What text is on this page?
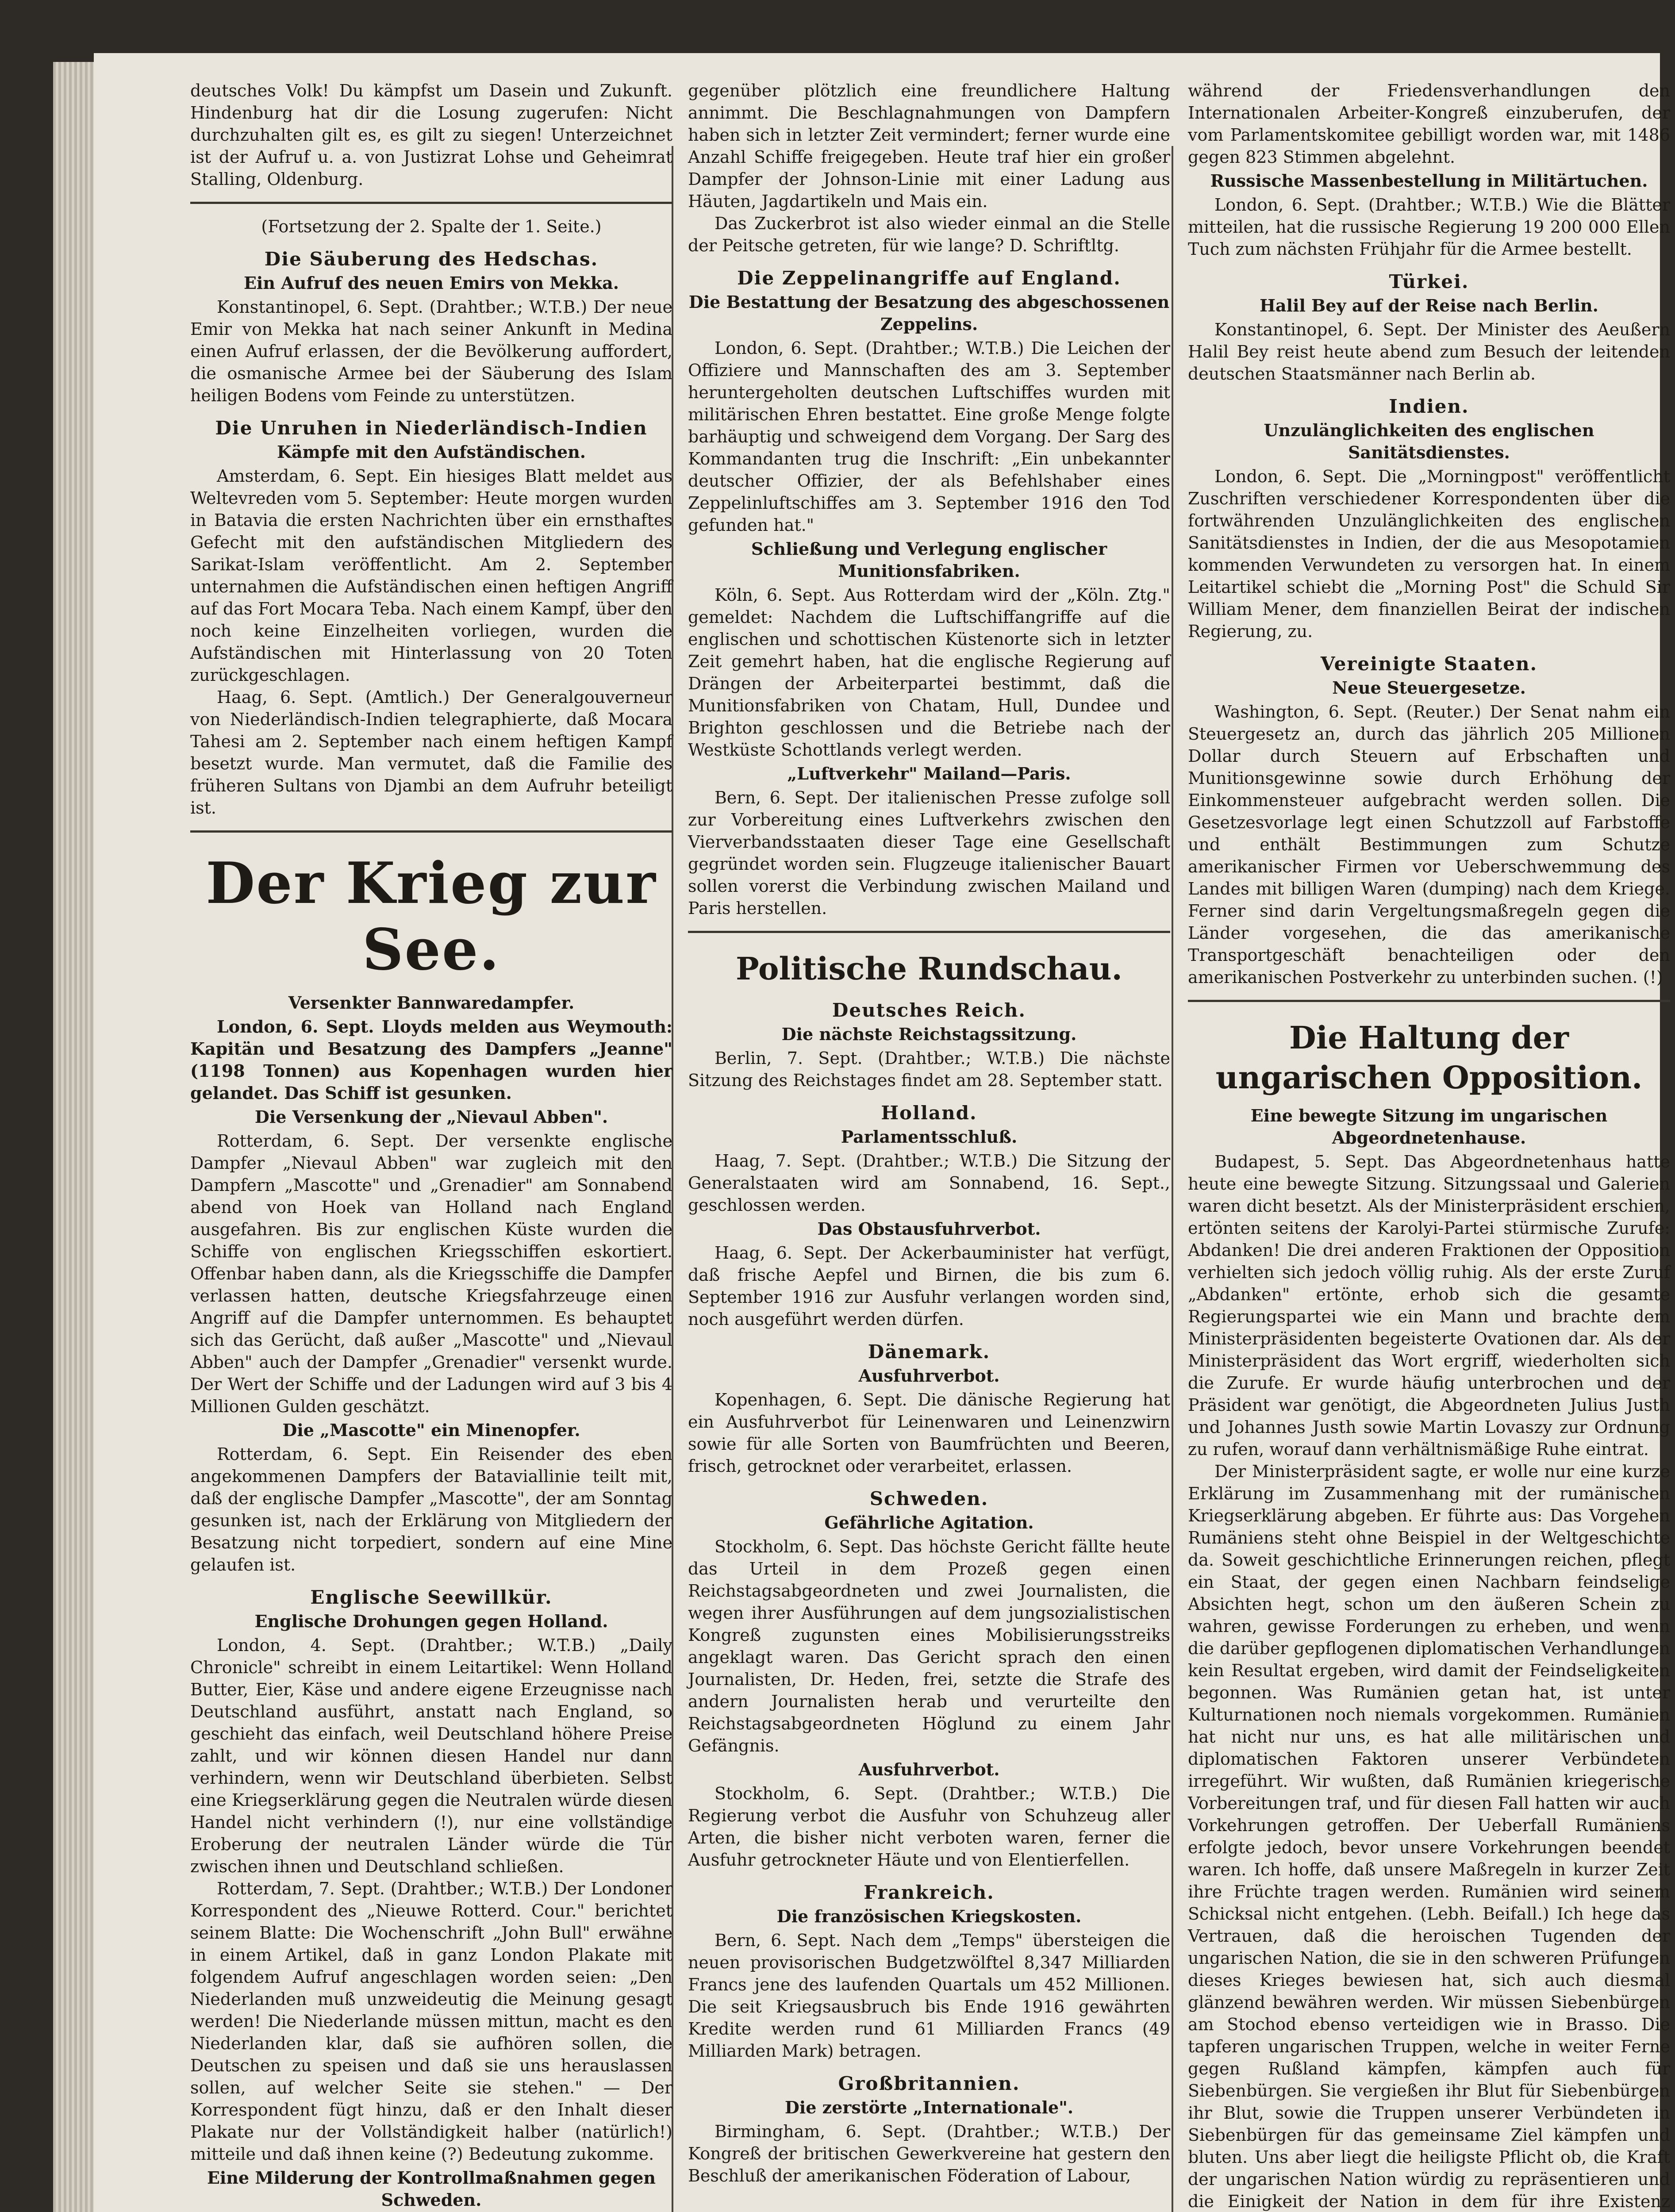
deutsches Volk! Du kämpfst um Dasein und Zukunft. Hindenburg hat dir die Losung zugerufen: Nicht durchzuhalten gilt es, es gilt zu siegen! Unterzeichnet ist der Aufruf u. a. von Justizrat Lohse und Geheimrat Stalling, Oldenburg.

(Fortsetzung der 2. Spalte der 1. Seite.)
Die Säuberung des Hedschas.
Ein Aufruf des neuen Emirs von Mekka.

Konstantinopel, 6. Sept. (Drahtber.; W.T.B.) Der neue Emir von Mekka hat nach seiner Ankunft in Medina einen Aufruf erlassen, der die Bevölkerung auffordert, die osmanische Armee bei der Säuberung des Islam heiligen Bodens vom Feinde zu unterstützen.

Die Unruhen in Niederländisch-Indien
Kämpfe mit den Aufständischen.

Amsterdam, 6. Sept. Ein hiesiges Blatt meldet aus Weltevreden vom 5. September: Heute morgen wurden in Batavia die ersten Nachrichten über ein ernsthaftes Gefecht mit den aufständischen Mitgliedern des Sarikat-Islam veröffentlicht. Am 2. September unternahmen die Aufständischen einen heftigen Angriff auf das Fort Mocara Teba. Nach einem Kampf, über den noch keine Einzelheiten vorliegen, wurden die Aufständischen mit Hinterlassung von 20 Toten zurückgeschlagen.

Haag, 6. Sept. (Amtlich.) Der Generalgouverneur von Niederländisch-Indien telegraphierte, daß Mocara Tahesi am 2. September nach einem heftigen Kampf besetzt wurde. Man vermutet, daß die Familie des früheren Sultans von Djambi an dem Aufruhr beteiligt ist.

Der Krieg zur See.
Versenkter Bannwaredampfer.

London, 6. Sept. Lloyds melden aus Weymouth: Kapitän und Besatzung des Dampfers „Jeanne" (1198 Tonnen) aus Kopenhagen wurden hier gelandet. Das Schiff ist gesunken.

Die Versenkung der „Nievaul Abben".

Rotterdam, 6. Sept. Der versenkte englische Dampfer „Nievaul Abben" war zugleich mit den Dampfern „Mascotte" und „Grenadier" am Sonnabend abend von Hoek van Holland nach England ausgefahren. Bis zur englischen Küste wurden die Schiffe von englischen Kriegsschiffen eskortiert. Offenbar haben dann, als die Kriegsschiffe die Dampfer verlassen hatten, deutsche Kriegsfahrzeuge einen Angriff auf die Dampfer unternommen. Es behauptet sich das Gerücht, daß außer „Mascotte" und „Nievaul Abben" auch der Dampfer „Grenadier" versenkt wurde. Der Wert der Schiffe und der Ladungen wird auf 3 bis 4 Millionen Gulden geschätzt.

Die „Mascotte" ein Minenopfer.

Rotterdam, 6. Sept. Ein Reisender des eben angekommenen Dampfers der Bataviallinie teilt mit, daß der englische Dampfer „Mascotte", der am Sonntag gesunken ist, nach der Erklärung von Mitgliedern der Besatzung nicht torpediert, sondern auf eine Mine gelaufen ist.

Englische Seewillkür.
Englische Drohungen gegen Holland.

London, 4. Sept. (Drahtber.; W.T.B.) „Daily Chronicle" schreibt in einem Leitartikel: Wenn Holland Butter, Eier, Käse und andere eigene Erzeugnisse nach Deutschland ausführt, anstatt nach England, so geschieht das einfach, weil Deutschland höhere Preise zahlt, und wir können diesen Handel nur dann verhindern, wenn wir Deutschland überbieten. Selbst eine Kriegserklärung gegen die Neutralen würde diesen Handel nicht verhindern (!), nur eine vollständige Eroberung der neutralen Länder würde die Tür zwischen ihnen und Deutschland schließen.

Rotterdam, 7. Sept. (Drahtber.; W.T.B.) Der Londoner Korrespondent des „Nieuwe Rotterd. Cour." berichtet seinem Blatte: Die Wochenschrift „John Bull" erwähne in einem Artikel, daß in ganz London Plakate mit folgendem Aufruf angeschlagen worden seien: „Den Niederlanden muß unzweideutig die Meinung gesagt werden! Die Niederlande müssen mittun, macht es den Niederlanden klar, daß sie aufhören sollen, die Deutschen zu speisen und daß sie uns herauslassen sollen, auf welcher Seite sie stehen." — Der Korrespondent fügt hinzu, daß er den Inhalt dieser Plakate nur der Vollständigkeit halber (natürlich!) mitteile und daß ihnen keine (?) Bedeutung zukomme.

Eine Milderung der Kontrollmaßnahmen gegen Schweden.

gegenüber plötzlich eine freundlichere Haltung annimmt. Die Beschlagnahmungen von Dampfern haben sich in letzter Zeit vermindert; ferner wurde eine Anzahl Schiffe freigegeben. Heute traf hier ein großer Dampfer der Johnson-Linie mit einer Ladung aus Häuten, Jagdartikeln und Mais ein.

Das Zuckerbrot ist also wieder einmal an die Stelle der Peitsche getreten, für wie lange? D. Schriftltg.

Die Zeppelinangriffe auf England.
Die Bestattung der Besatzung des abgeschossenen Zeppelins.

London, 6. Sept. (Drahtber.; W.T.B.) Die Leichen der Offiziere und Mannschaften des am 3. September heruntergeholten deutschen Luftschiffes wurden mit militärischen Ehren bestattet. Eine große Menge folgte barhäuptig und schweigend dem Vorgang. Der Sarg des Kommandanten trug die Inschrift: „Ein unbekannter deutscher Offizier, der als Befehlshaber eines Zeppelinluftschiffes am 3. September 1916 den Tod gefunden hat."

Schließung und Verlegung englischer Munitionsfabriken.

Köln, 6. Sept. Aus Rotterdam wird der „Köln. Ztg." gemeldet: Nachdem die Luftschiffangriffe auf die englischen und schottischen Küstenorte sich in letzter Zeit gemehrt haben, hat die englische Regierung auf Drängen der Arbeiterpartei bestimmt, daß die Munitionsfabriken von Chatam, Hull, Dundee und Brighton geschlossen und die Betriebe nach der Westküste Schottlands verlegt werden.

„Luftverkehr" Mailand—Paris.

Bern, 6. Sept. Der italienischen Presse zufolge soll zur Vorbereitung eines Luftverkehrs zwischen den Vierverbandsstaaten dieser Tage eine Gesellschaft gegründet worden sein. Flugzeuge italienischer Bauart sollen vorerst die Verbindung zwischen Mailand und Paris herstellen.

Politische Rundschau.
Deutsches Reich.
Die nächste Reichstagssitzung.

Berlin, 7. Sept. (Drahtber.; W.T.B.) Die nächste Sitzung des Reichstages findet am 28. September statt.

Holland.
Parlamentsschluß.

Haag, 7. Sept. (Drahtber.; W.T.B.) Die Sitzung der Generalstaaten wird am Sonnabend, 16. Sept., geschlossen werden.

Das Obstausfuhrverbot.

Haag, 6. Sept. Der Ackerbauminister hat verfügt, daß frische Aepfel und Birnen, die bis zum 6. September 1916 zur Ausfuhr verlangen worden sind, noch ausgeführt werden dürfen.

Dänemark.
Ausfuhrverbot.

Kopenhagen, 6. Sept. Die dänische Regierung hat ein Ausfuhrverbot für Leinenwaren und Leinenzwirn sowie für alle Sorten von Baumfrüchten und Beeren, frisch, getrocknet oder verarbeitet, erlassen.

Schweden.
Gefährliche Agitation.

Stockholm, 6. Sept. Das höchste Gericht fällte heute das Urteil in dem Prozeß gegen einen Reichstagsabgeordneten und zwei Journalisten, die wegen ihrer Ausführungen auf dem jungsozialistischen Kongreß zugunsten eines Mobilisierungsstreiks angeklagt waren. Das Gericht sprach den einen Journalisten, Dr. Heden, frei, setzte die Strafe des andern Journalisten herab und verurteilte den Reichstagsabgeordneten Höglund zu einem Jahr Gefängnis.

Ausfuhrverbot.

Stockholm, 6. Sept. (Drahtber.; W.T.B.) Die Regierung verbot die Ausfuhr von Schuhzeug aller Arten, die bisher nicht verboten waren, ferner die Ausfuhr getrockneter Häute und von Elentierfellen.

Frankreich.
Die französischen Kriegskosten.

Bern, 6. Sept. Nach dem „Temps" übersteigen die neuen provisorischen Budgetzwölftel 8,347 Milliarden Francs jene des laufenden Quartals um 452 Millionen. Die seit Kriegsausbruch bis Ende 1916 gewährten Kredite werden rund 61 Milliarden Francs (49 Milliarden Mark) betragen.

Großbritannien.
Die zerstörte „Internationale".

Birmingham, 6. Sept. (Drahtber.; W.T.B.) Der Kongreß der britischen Gewerkvereine hat gestern den Beschluß der amerikanischen Föderation of Labour,

während der Friedensverhandlungen den Internationalen Arbeiter-Kongreß einzuberufen, der vom Parlamentskomitee gebilligt worden war, mit 1486 gegen 823 Stimmen abgelehnt.

Russische Massenbestellung in Militärtuchen.

London, 6. Sept. (Drahtber.; W.T.B.) Wie die Blätter mitteilen, hat die russische Regierung 19 200 000 Ellen Tuch zum nächsten Frühjahr für die Armee bestellt.

Türkei.
Halil Bey auf der Reise nach Berlin.

Konstantinopel, 6. Sept. Der Minister des Aeußern Halil Bey reist heute abend zum Besuch der leitenden deutschen Staatsmänner nach Berlin ab.

Indien.
Unzulänglichkeiten des englischen Sanitätsdienstes.

London, 6. Sept. Die „Morningpost" veröffentlicht Zuschriften verschiedener Korrespondenten über die fortwährenden Unzulänglichkeiten des englischen Sanitätsdienstes in Indien, der die aus Mesopotamien kommenden Verwundeten zu versorgen hat. In einem Leitartikel schiebt die „Morning Post" die Schuld Sir William Mener, dem finanziellen Beirat der indischen Regierung, zu.

Vereinigte Staaten.
Neue Steuergesetze.

Washington, 6. Sept. (Reuter.) Der Senat nahm ein Steuergesetz an, durch das jährlich 205 Millionen Dollar durch Steuern auf Erbschaften und Munitionsgewinne sowie durch Erhöhung der Einkommensteuer aufgebracht werden sollen. Die Gesetzesvorlage legt einen Schutzzoll auf Farbstoffe und enthält Bestimmungen zum Schutze amerikanischer Firmen vor Ueberschwemmung des Landes mit billigen Waren (dumping) nach dem Kriege. Ferner sind darin Vergeltungsmaßregeln gegen die Länder vorgesehen, die das amerikanische Transportgeschäft benachteiligen oder den amerikanischen Postverkehr zu unterbinden suchen. (!)

Die Haltung der ungarischen Opposition.
Eine bewegte Sitzung im ungarischen Abgeordnetenhause.

Budapest, 5. Sept. Das Abgeordnetenhaus hatte heute eine bewegte Sitzung. Sitzungssaal und Galerien waren dicht besetzt. Als der Ministerpräsident erschien, ertönten seitens der Karolyi-Partei stürmische Zurufe: Abdanken! Die drei anderen Fraktionen der Opposition verhielten sich jedoch völlig ruhig. Als der erste Zuruf „Abdanken" ertönte, erhob sich die gesamte Regierungspartei wie ein Mann und brachte dem Ministerpräsidenten begeisterte Ovationen dar. Als der Ministerpräsident das Wort ergriff, wiederholten sich die Zurufe. Er wurde häufig unterbrochen und der Präsident war genötigt, die Abgeordneten Julius Justh und Johannes Justh sowie Martin Lovaszy zur Ordnung zu rufen, worauf dann verhältnismäßige Ruhe eintrat.

Der Ministerpräsident sagte, er wolle nur eine kurze Erklärung im Zusammenhang mit der rumänischen Kriegserklärung abgeben. Er führte aus: Das Vorgehen Rumäniens steht ohne Beispiel in der Weltgeschichte da. Soweit geschichtliche Erinnerungen reichen, pflegt ein Staat, der gegen einen Nachbarn feindselige Absichten hegt, schon um den äußeren Schein zu wahren, gewisse Forderungen zu erheben, und wenn die darüber gepflogenen diplomatischen Verhandlungen kein Resultat ergeben, wird damit der Feindseligkeiten begonnen. Was Rumänien getan hat, ist unter Kulturnationen noch niemals vorgekommen. Rumänien hat nicht nur uns, es hat alle militärischen und diplomatischen Faktoren unserer Verbündeten irregeführt. Wir wußten, daß Rumänien kriegerische Vorbereitungen traf, und für diesen Fall hatten wir auch Vorkehrungen getroffen. Der Ueberfall Rumäniens erfolgte jedoch, bevor unsere Vorkehrungen beendet waren. Ich hoffe, daß unsere Maßregeln in kurzer Zeit ihre Früchte tragen werden. Rumänien wird seinem Schicksal nicht entgehen. (Lebh. Beifall.) Ich hege das Vertrauen, daß die heroischen Tugenden der ungarischen Nation, die sie in den schweren Prüfungen dieses Krieges bewiesen hat, sich auch diesmal glänzend bewähren werden. Wir müssen Siebenbürgen am Stochod ebenso verteidigen wie in Brasso. Die tapferen ungarischen Truppen, welche in weiter Ferne gegen Rußland kämpfen, kämpfen auch für Siebenbürgen. Sie vergießen ihr Blut für Siebenbürgen ihr Blut, sowie die Truppen unserer Verbündeten in Siebenbürgen für das gemeinsame Ziel kämpfen und bluten. Uns aber liegt die heiligste Pflicht ob, die Kraft der ungarischen Nation würdig zu repräsentieren und die Einigkeit der Nation in dem für ihre Existenz
